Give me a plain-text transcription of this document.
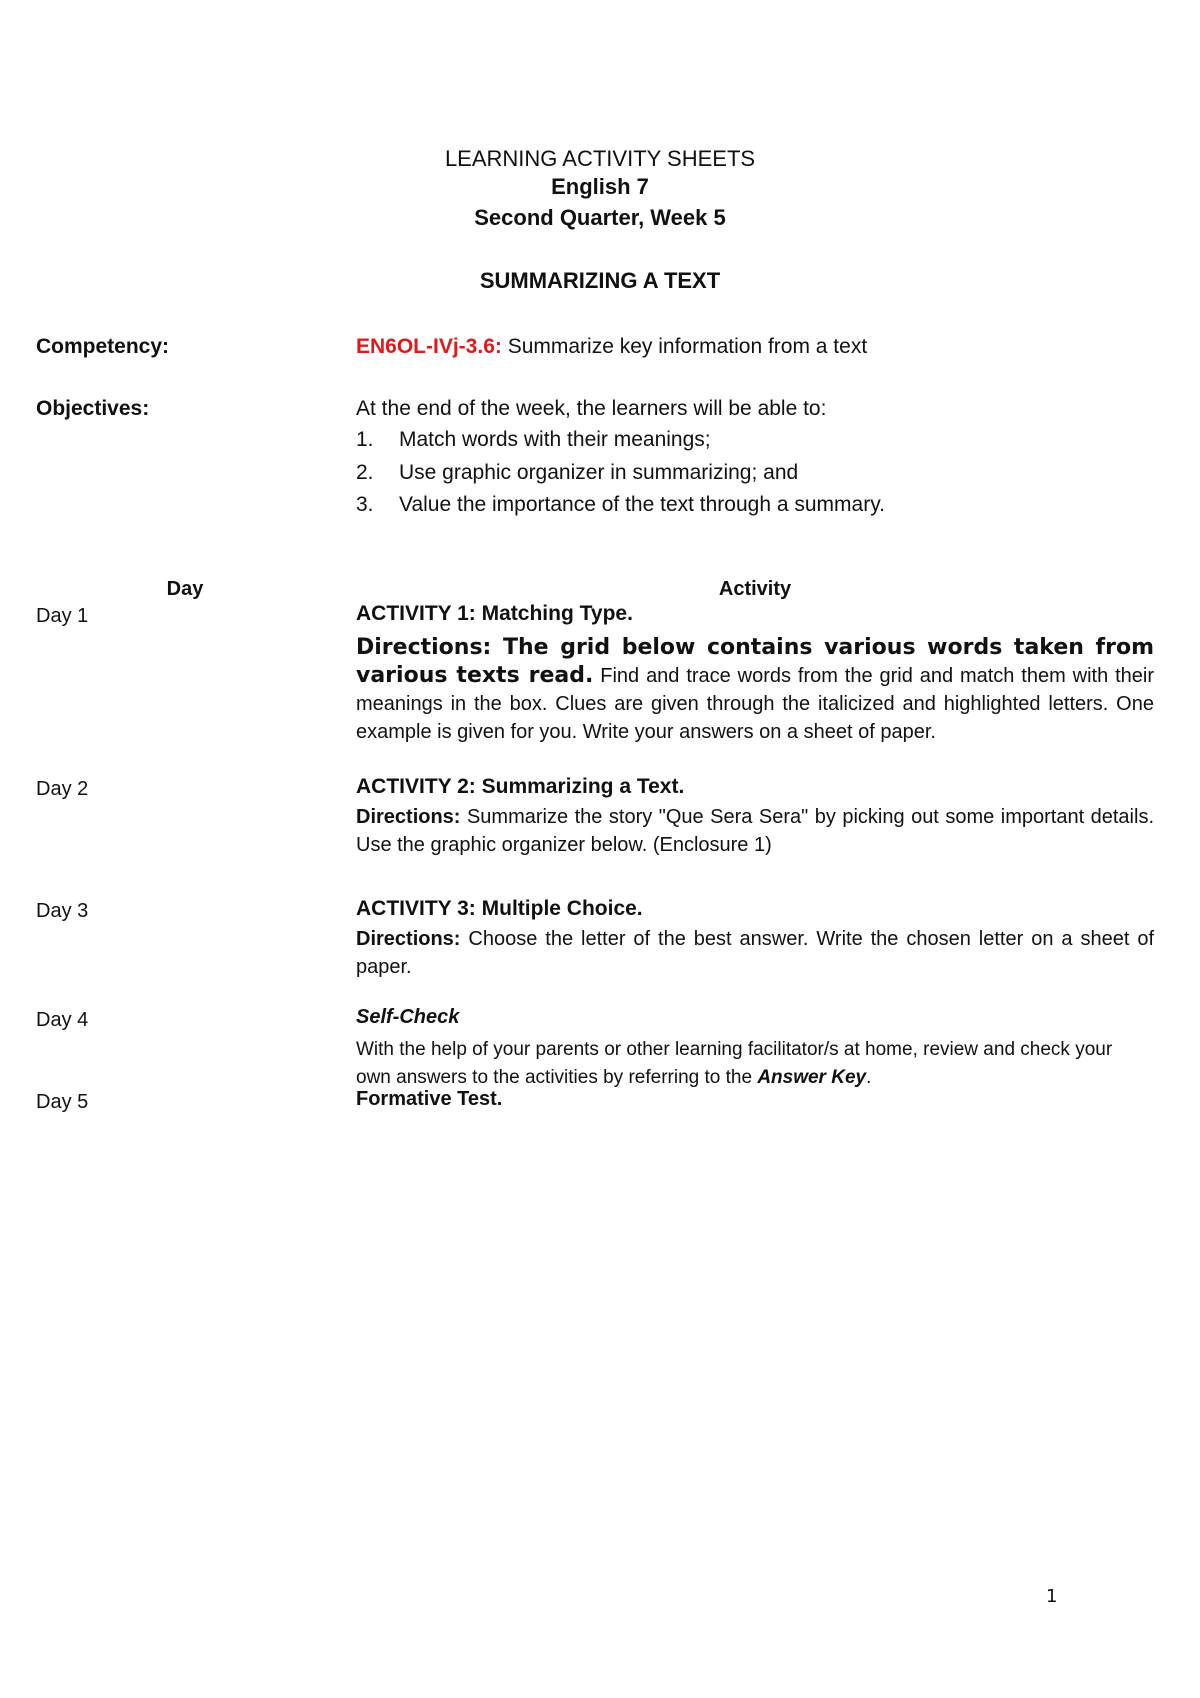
LEARNING ACTIVITY SHEETS
English 7
Second Quarter, Week 5
SUMMARIZING A TEXT
Competency:	EN6OL-IVj-3.6: Summarize key information from a text
Objectives:	At the end of the week, the learners will be able to:
1. Match words with their meanings;
2. Use graphic organizer in summarizing; and
3. Value the importance of the text through a summary.
Day	Activity
Day 1	ACTIVITY 1: Matching Type.
Directions: The grid below contains various words taken from various texts read. Find and trace words from the grid and match them with their meanings in the box. Clues are given through the italicized and highlighted letters. One example is given for you. Write your answers on a sheet of paper.
Day 2	ACTIVITY 2: Summarizing a Text.
Directions: Summarize the story "Que Sera Sera" by picking out some important details. Use the graphic organizer below. (Enclosure 1)
Day 3	ACTIVITY 3: Multiple Choice.
Directions: Choose the letter of the best answer. Write the chosen letter on a sheet of paper.
Day 4	Self-Check
With the help of your parents or other learning facilitator/s at home, review and check your own answers to the activities by referring to the Answer Key.
Day 5	Formative Test.
1
